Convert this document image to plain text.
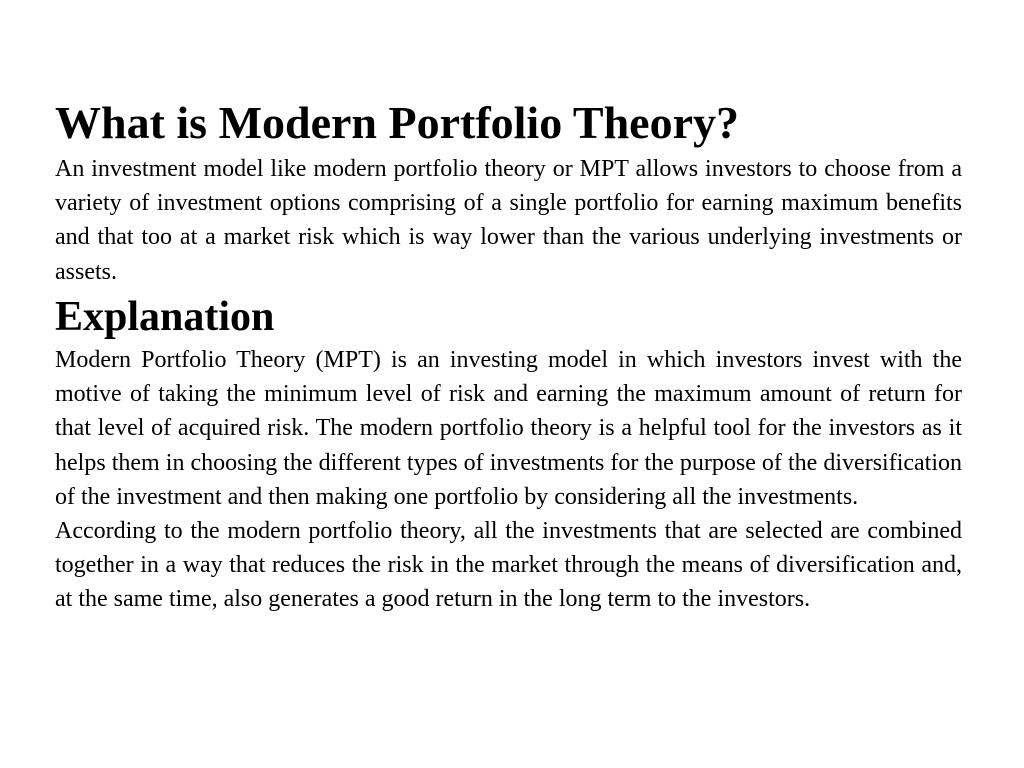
What is Modern Portfolio Theory?

An investment model like modern portfolio theory or MPT allows investors to choose from a variety of investment options comprising of a single portfolio for earning maximum benefits and that too at a market risk which is way lower than the various underlying investments or assets.

Explanation

Modern Portfolio Theory (MPT) is an investing model in which investors invest with the motive of taking the minimum level of risk and earning the maximum amount of return for that level of acquired risk. The modern portfolio theory is a helpful tool for the investors as it helps them in choosing the different types of investments for the purpose of the diversification of the investment and then making one portfolio by considering all the investments.

According to the modern portfolio theory, all the investments that are selected are combined together in a way that reduces the risk in the market through the means of diversification and, at the same time, also generates a good return in the long term to the investors.
